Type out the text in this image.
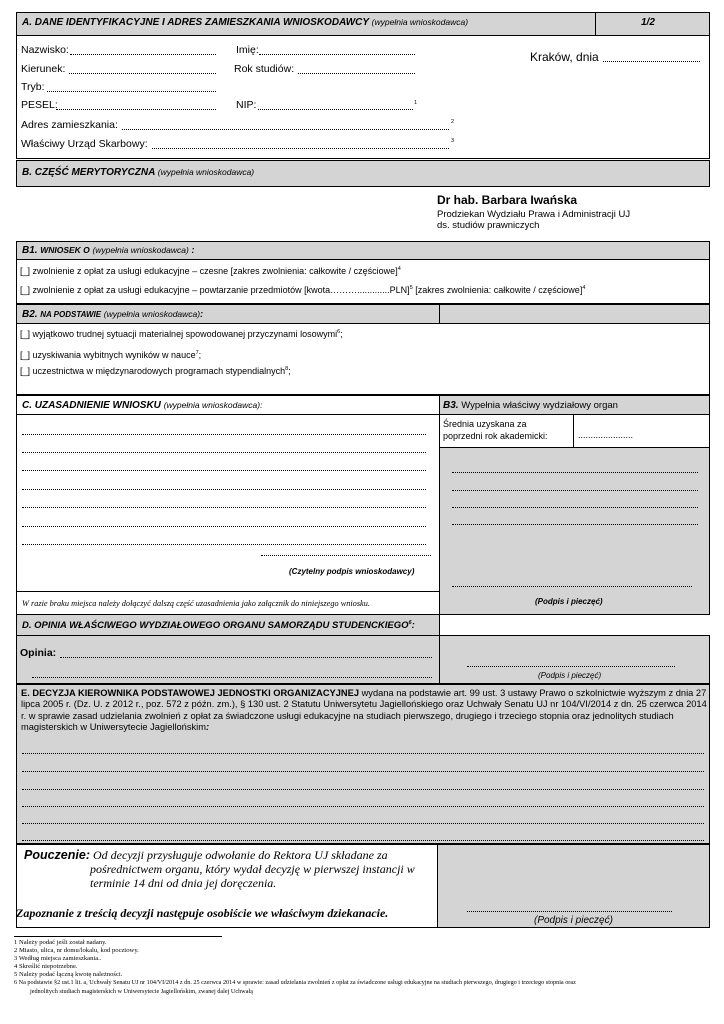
A. DANE IDENTYFIKACYJNE I ADRES ZAMIESZKANIA WNIOSKODAWCY (wypełnia wnioskodawca)	1/2
Nazwisko:	Imię:	Kraków, dnia
Kierunek:	Rok studiów:
Tryb:
PESEL:	NIP:	1
Adres zamieszkania:	2
Właściwy Urząd Skarbowy:	3
B. CZĘŚĆ MERYTORYCZNA (wypełnia wnioskodawca)
Dr hab. Barbara Iwańska
Prodziekan Wydziału Prawa i Administracji UJ
ds. studiów prawniczych
B1. WNIOSEK O (wypełnia wnioskodawca) :
[_] zwolnienie z opłat za usługi edukacyjne – czesne [zakres zwolnienia: całkowite / częściowe]$^4$
[_] zwolnienie z opłat za usługi edukacyjne – powtarzanie przedmiotów [kwota……….............PLN]$^5$ [zakres zwolnienia: całkowite / częściowe]$^4$
B2. NA PODSTAWIE (wypełnia wnioskodawca):
[_] wyjątkowo trudnej sytuacji materialnej spowodowanej przyczynami losowymi$^6$;
[_] uzyskiwania wybitnych wyników w nauce$^7$;
[_] uczestnictwa w międzynarodowych programach stypendialnych$^8$;
C. UZASADNIENIE WNIOSKU (wypełnia wnioskodawca):
(Czytelny podpis wnioskodawcy)
W razie braku miejsca należy dołączyć dalszą część uzasadnienia jako załącznik do niniejszego wniosku.
B3. Wypełnia właściwy wydziałowy organ
Średnia uzyskana za
poprzedni rok akademicki:	......................
(Podpis i pieczęć)
D. OPINIA WŁAŚCIWEGO WYDZIAŁOWEGO ORGANU SAMORZĄDU STUDENCKIEGO$^6$:
Opinia:
(Podpis i pieczęć)
E. DECYZJA KIEROWNIKA PODSTAWOWEJ JEDNOSTKI ORGANIZACYJNEJ wydana na podstawie art. 99 ust. 3 ustawy Prawo o szkolnictwie wyższym z dnia 27 lipca 2005 r. (Dz. U. z 2012 r., poz. 572 z późn. zm.), § 130 ust. 2 Statutu Uniwersytetu Jagiellońskiego oraz Uchwały Senatu UJ nr 104/VI/2014 z dn. 25 czerwca 2014 r. w sprawie zasad udzielania zwolnień z opłat za świadczone usługi edukacyjne na studiach pierwszego, drugiego i trzeciego stopnia oraz jednolitych studiach magisterskich w Uniwersytecie Jagiellońskim:
Pouczenie: Od decyzji przysługuje odwołanie do Rektora UJ składane za
pośrednictwem organu, który wydał decyzję w pierwszej instancji w
terminie 14 dni od dnia jej doręczenia.
Zapoznanie z treścią decyzji następuje osobiście we właściwym dziekanacie.
(Podpis i pieczęć)
1 Należy podać jeśli został nadany.
2 Miasto, ulica, nr domu/lokalu, kod pocztowy.
3 Według miejsca zamieszkania..
4 Skreślić niepotrzebne.
5 Należy podać łączną kwotę należności.
6 Na podstawie §2 ust.1 lit. a, Uchwały Senatu UJ nr 104/VI/2014 z dn. 25 czerwca 2014 w sprawie: zasad udzielania zwolnień z opłat za świadczone usługi edukacyjne na studiach pierwszego, drugiego i trzeciego stopnia oraz
jednolitych studiach magisterskich w Uniwersytecie Jagiellońskim, zwanej dalej Uchwałą
